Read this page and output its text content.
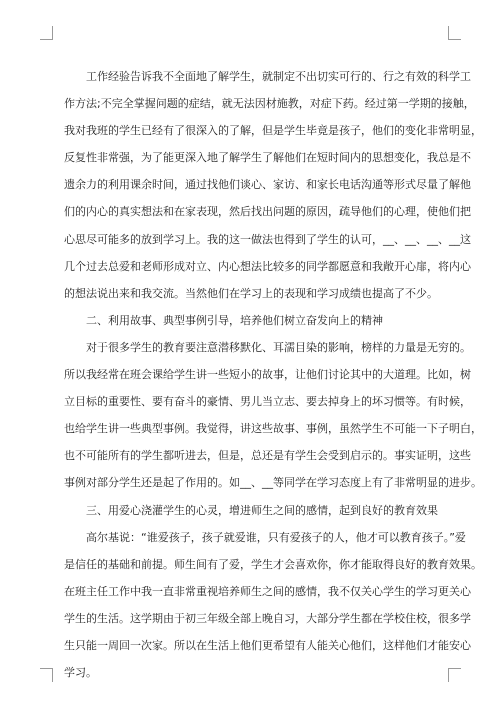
工作经验告诉我不全面地了解学生，就制定不出切实可行的、行之有效的科学工
作方法;不完全掌握问题的症结，就无法因材施教，对症下药。经过第一学期的接触，
我对我班的学生已经有了很深入的了解，但是学生毕竟是孩子，他们的变化非常明显，
反复性非常强，为了能更深入地了解学生了解他们在短时间内的思想变化，我总是不
遗余力的利用课余时间，通过找他们谈心、家访、和家长电话沟通等形式尽量了解他
们的内心的真实想法和在家表现，然后找出问题的原因，疏导他们的心理，使他们把
心思尽可能多的放到学习上。我的这一做法也得到了学生的认可，__、__、__、__这
几个过去总爱和老师形成对立、内心想法比较多的同学都愿意和我敞开心扉，将内心
的想法说出来和我交流。当然他们在学习上的表现和学习成绩也提高了不少。
二、利用故事、典型事例引导，培养他们树立奋发向上的精神
对于很多学生的教育要注意潜移默化、耳濡目染的影响，榜样的力量是无穷的。
所以我经常在班会课给学生讲一些短小的故事，让他们讨论其中的大道理。比如，树
立目标的重要性、要有奋斗的豪情、男儿当立志、要去掉身上的坏习惯等。有时候，
也给学生讲一些典型事例。我觉得，讲这些故事、事例，虽然学生不可能一下子明白，
也不可能所有的学生都听进去，但是，总还是有学生会受到启示的。事实证明，这些
事例对部分学生还是起了作用的。如__、__等同学在学习态度上有了非常明显的进步。
三、用爱心浇灌学生的心灵，增进师生之间的感情，起到良好的教育效果
高尔基说：“谁爱孩子，孩子就爱谁，只有爱孩子的人，他才可以教育孩子。”爱
是信任的基础和前提。师生间有了爱，学生才会喜欢你，你才能取得良好的教育效果。
在班主任工作中我一直非常重视培养师生之间的感情，我不仅关心学生的学习更关心
学生的生活。这学期由于初三年级全部上晚自习，大部分学生都在学校住校，很多学
生只能一周回一次家。所以在生活上他们更希望有人能关心他们，这样他们才能安心
学习。
